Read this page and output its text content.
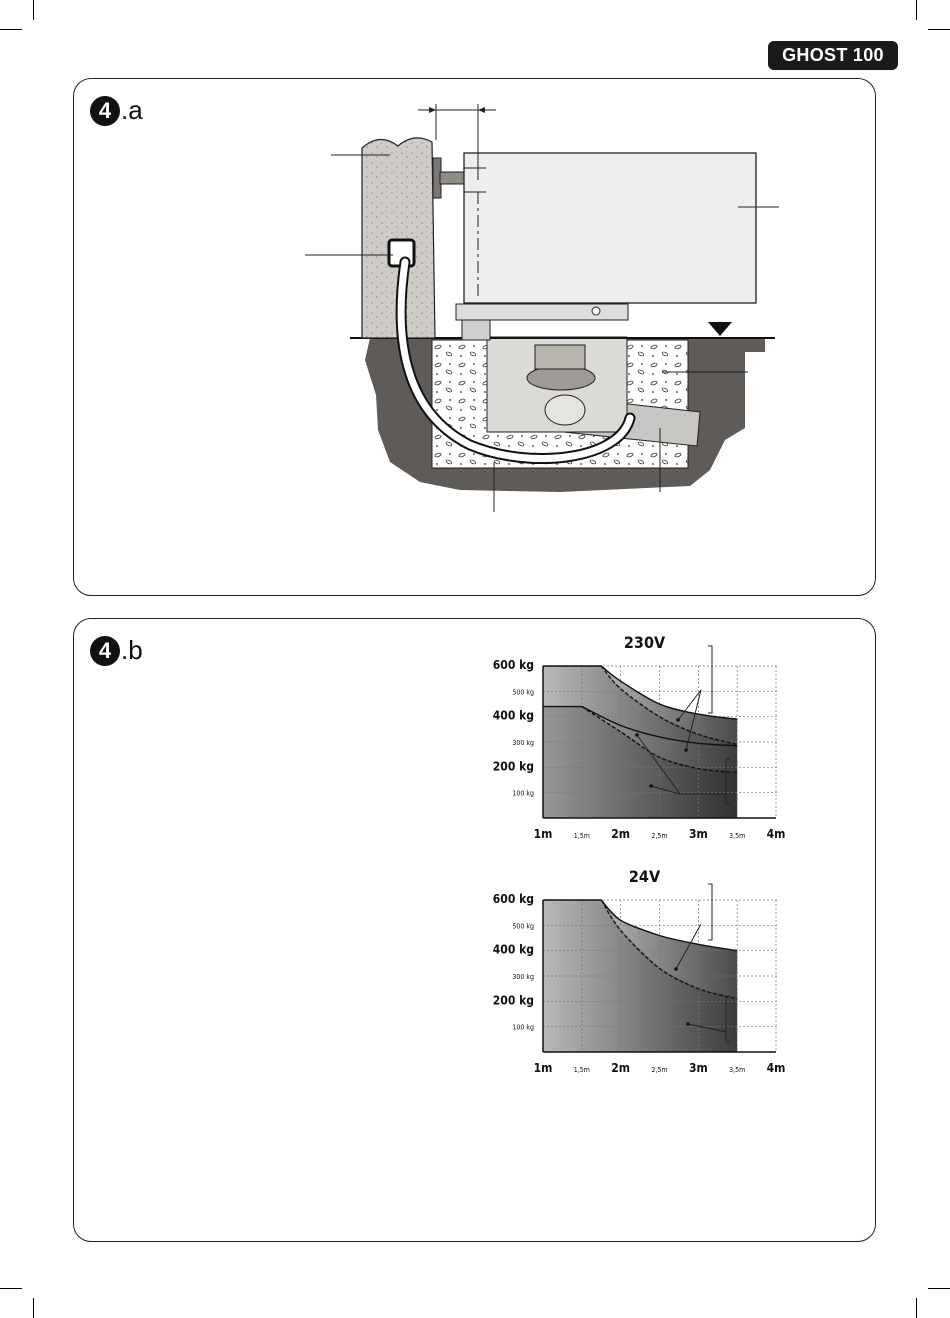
GHOST 100
4 .a
4 .b	230V
100 kg
200 kg
300 kg
400 kg
500 kg
600 kg
1m	1,5m 2m	2,5m 3m	3,5m 4m
24V
100 kg
200 kg
300 kg
400 kg
500 kg
600 kg
1m	1,5m 2m	2,5m 3m	3,5m 4m
